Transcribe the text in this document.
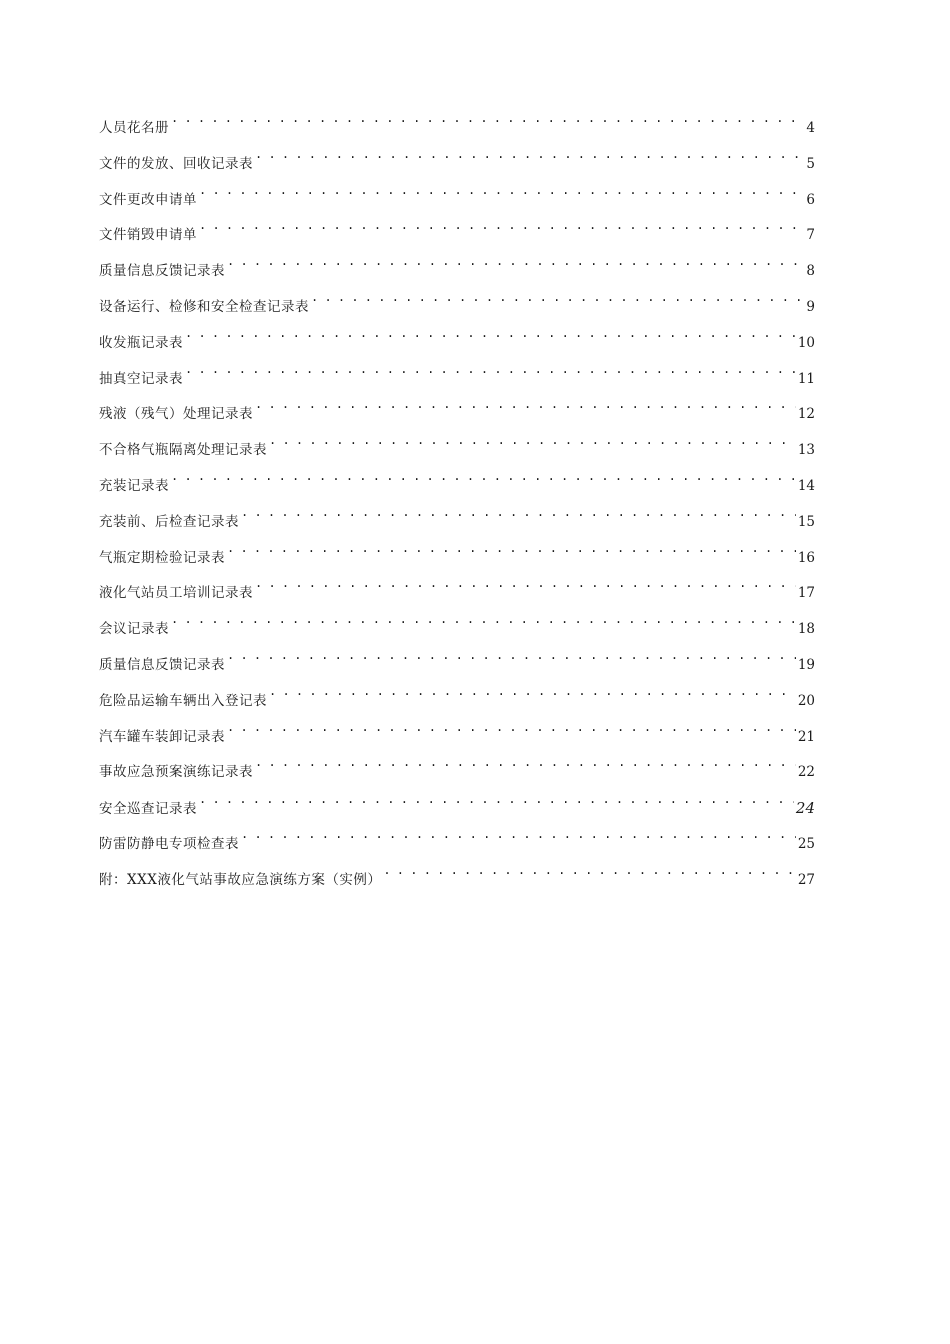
人员花名册 . . .	4
文件的发放、回收记录表 . . .	5
文件更改申请单 . . .	6
文件销毁申请单 . . .	7
质量信息反馈记录表 . . .	8
设备运行、检修和安全检查记录表 . . .	9
收发瓶记录表 . . .	10
抽真空记录表 . . .	11
残液（残气）处理记录表 . . .	12
不合格气瓶隔离处理记录表 . . .	13
充装记录表 . . .	14
充装前、后检查记录表 . . .	15
气瓶定期检验记录表 . . .	16
液化气站员工培训记录表 . . .	17
会议记录表 . . .	18
质量信息反馈记录表 . . .	19
危险品运输车辆出入登记表 . . .	20
汽车罐车装卸记录表 . . .	21
事故应急预案演练记录表 . . .	22
安全巡查记录表 . . .	24
防雷防静电专项检查表 . . .	25
附：XXX液化气站事故应急演练方案（实例） . . .	27
